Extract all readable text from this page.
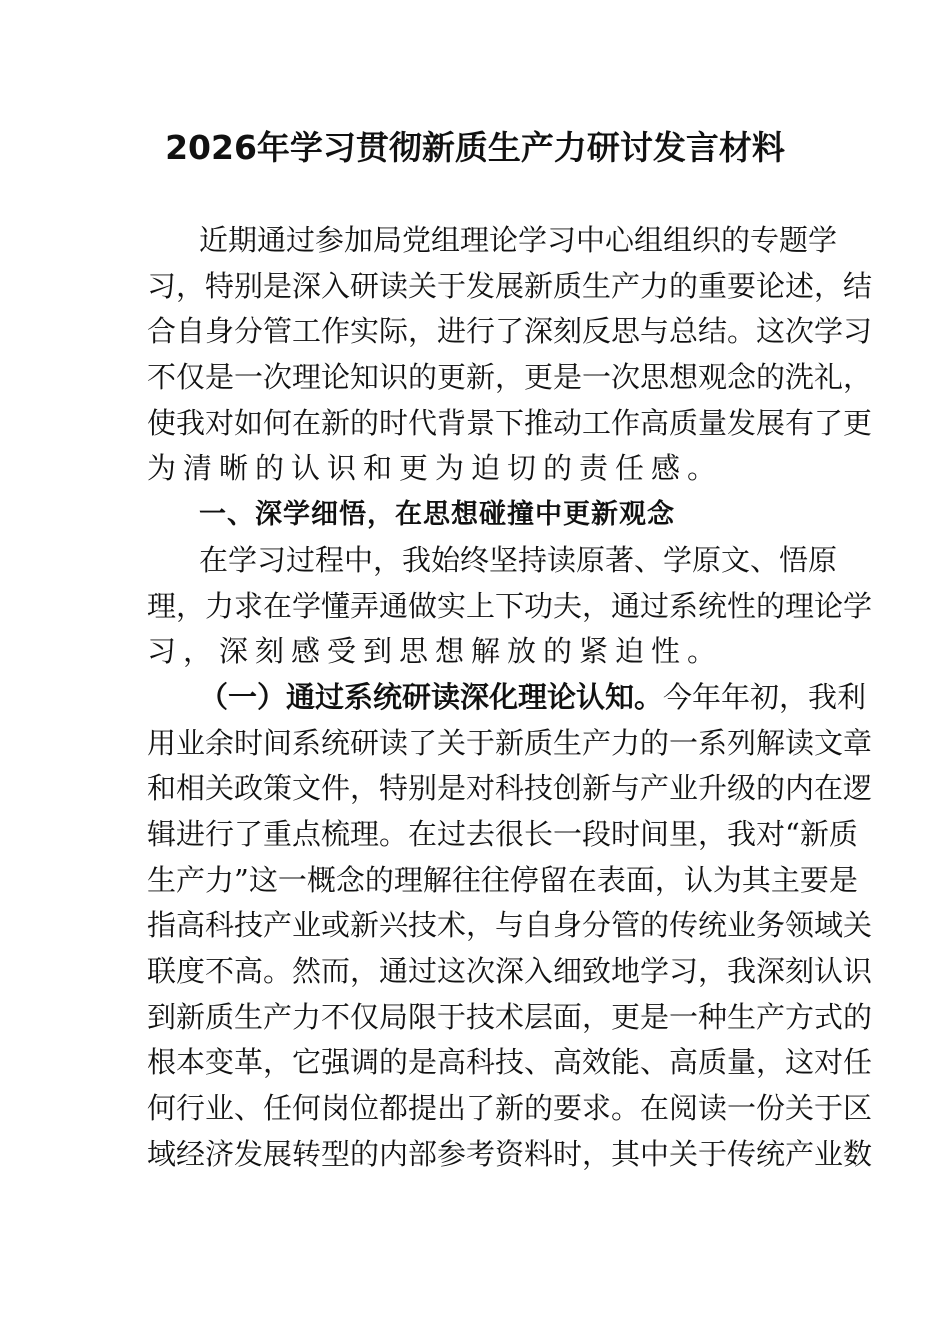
2026年学习贯彻新质生产力研讨发言材料
近期通过参加局党组理论学习中心组组织的专题学
习，特别是深入研读关于发展新质生产力的重要论述，结
合自身分管工作实际，进行了深刻反思与总结。这次学习
不仅是一次理论知识的更新，更是一次思想观念的洗礼，
使我对如何在新的时代背景下推动工作高质量发展有了更
为清晰的认识和更为迫切的责任感。
一、深学细悟，在思想碰撞中更新观念
在学习过程中，我始终坚持读原著、学原文、悟原
理，力求在学懂弄通做实上下功夫，通过系统性的理论学
习，深刻感受到思想解放的紧迫性。
（一）通过系统研读深化理论认知。今年年初，我利
用业余时间系统研读了关于新质生产力的一系列解读文章
和相关政策文件，特别是对科技创新与产业升级的内在逻
辑进行了重点梳理。在过去很长一段时间里，我对“新质
生产力”这一概念的理解往往停留在表面，认为其主要是
指高科技产业或新兴技术，与自身分管的传统业务领域关
联度不高。然而，通过这次深入细致地学习，我深刻认识
到新质生产力不仅局限于技术层面，更是一种生产方式的
根本变革，它强调的是高科技、高效能、高质量，这对任
何行业、任何岗位都提出了新的要求。在阅读一份关于区
域经济发展转型的内部参考资料时，其中关于传统产业数
